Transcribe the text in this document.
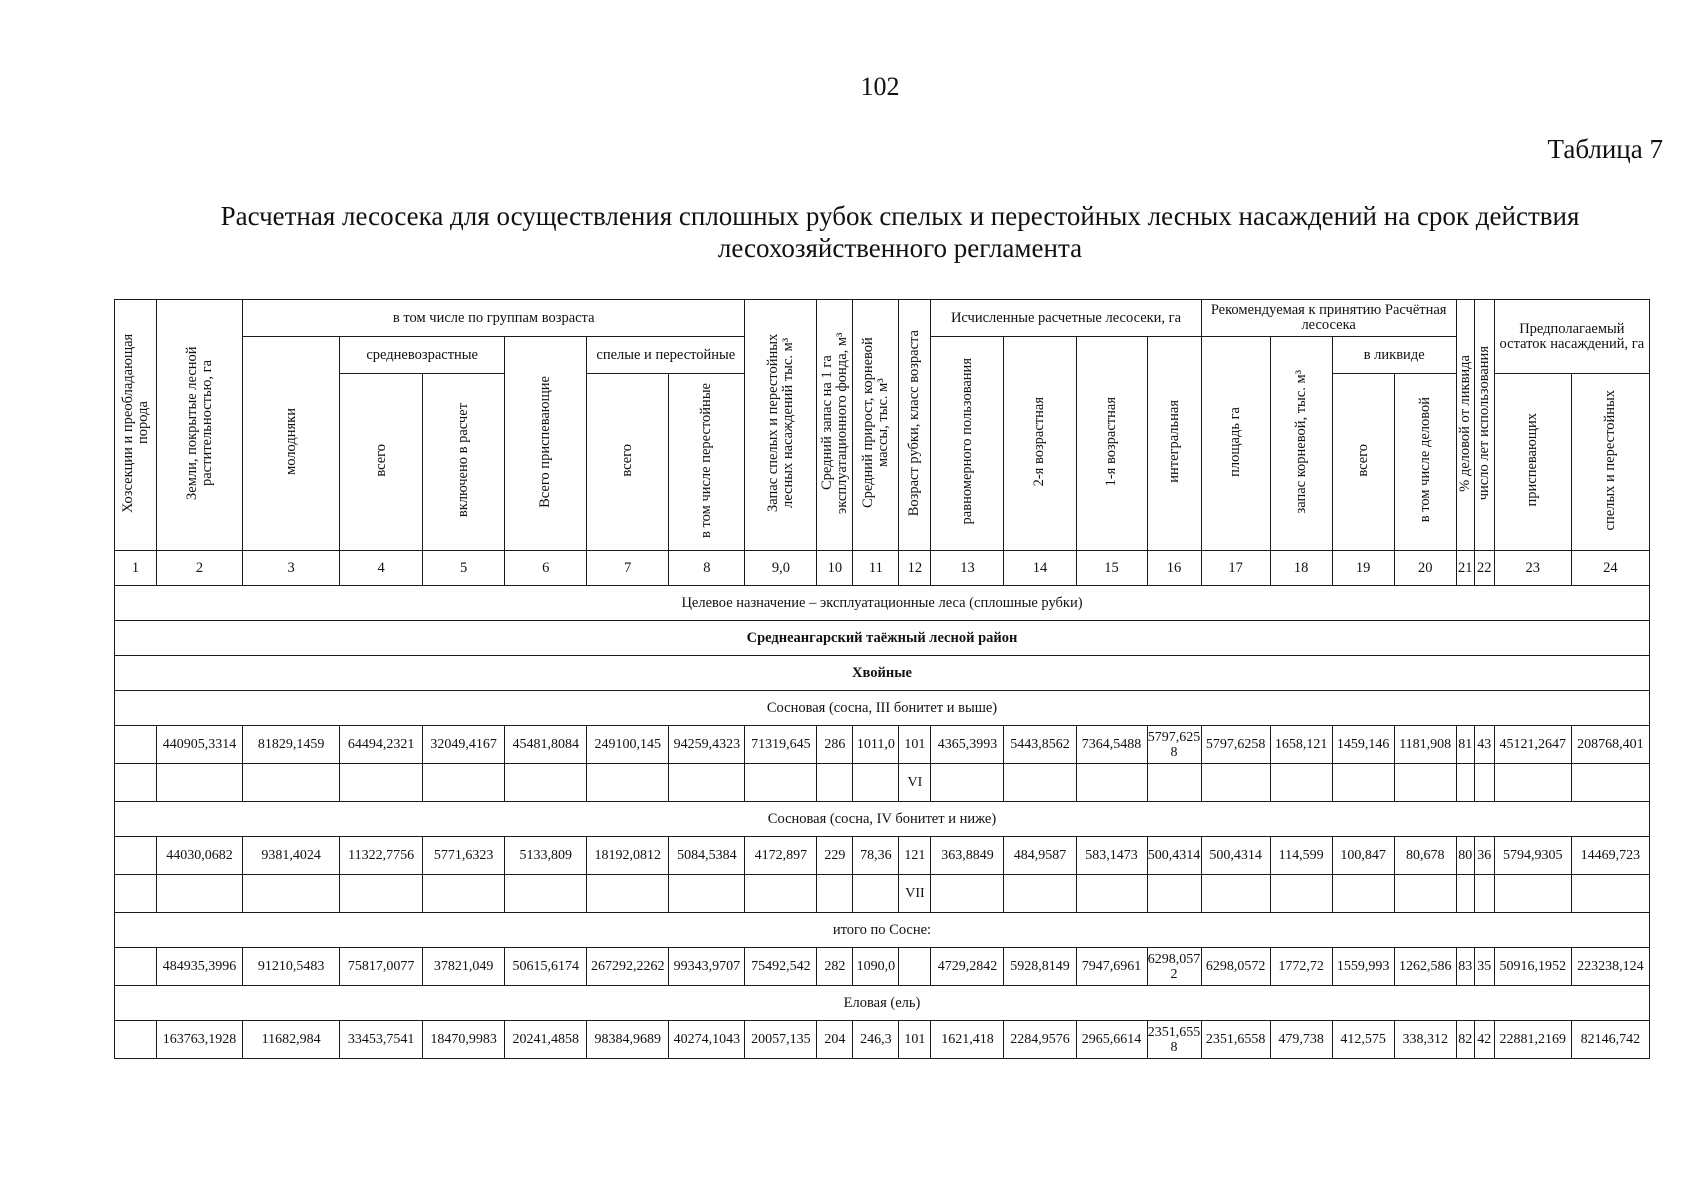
102
Таблица 7
Расчетная лесосека для осуществления сплошных рубок спелых и перестойных лесных насаждений на срок действия лесохозяйственного регламента
Хозсекции и преобладающая порода	Земли, покрытые лесной растительностью, га	в том числе по группам возраста						Запас спелых и перестойных лесных насаждений тыс. м³	Средний запас на 1 га эксплуатационного фонда, м³	Средний прирост, корневой массы, тыс. м³	Возраст рубки, класс возраста	Исчисленные расчетные лесосеки, га				Рекомендуемая к принятию Расчётная лесосека				% деловой от ликвида	число лет использования	Предполагаемый остаток насаждений, га	
		молодняки	средневозрастные		Всего приспевающие	спелые и перестойные						равномерного пользования	2-я возрастная	1-я возрастная	интегральная	площадь га	запас корневой, тыс. м³	в ликвиде					
			всего	включено в расчет		всего	в том числе перестойные											всего	в том числе деловой			приспевающих	спелых и перестойных
1	2	3	4	5	6	7	8	9,0	10	11	12	13	14	15	16	17	18	19	20	21	22	23	24
Целевое назначение – эксплуатационные леса (сплошные рубки)																							
Среднеангарский таёжный лесной район																							
Хвойные																							
Сосновая (сосна, III бонитет и выше)																							
	440905,3314	81829,1459	64494,2321	32049,4167	45481,8084	249100,145	94259,4323	71319,645	286	1011,0	101	4365,3993	5443,8562	7364,5488	5797,6258	5797,6258	1658,121	1459,146	1181,908	81	43	45121,2647	208768,401
											VI												
Сосновая (сосна, IV бонитет и ниже)																							
	44030,0682	9381,4024	11322,7756	5771,6323	5133,809	18192,0812	5084,5384	4172,897	229	78,36	121	363,8849	484,9587	583,1473	500,4314	500,4314	114,599	100,847	80,678	80	36	5794,9305	14469,723
											VII												
итого по Сосне:																							
	484935,3996	91210,5483	75817,0077	37821,049	50615,6174	267292,2262	99343,9707	75492,542	282	1090,0		4729,2842	5928,8149	7947,6961	6298,0572	6298,0572	1772,72	1559,993	1262,586	83	35	50916,1952	223238,124
Еловая (ель)																							
	163763,1928	11682,984	33453,7541	18470,9983	20241,4858	98384,9689	40274,1043	20057,135	204	246,3	101	1621,418	2284,9576	2965,6614	2351,6558	2351,6558	479,738	412,575	338,312	82	42	22881,2169	82146,742
